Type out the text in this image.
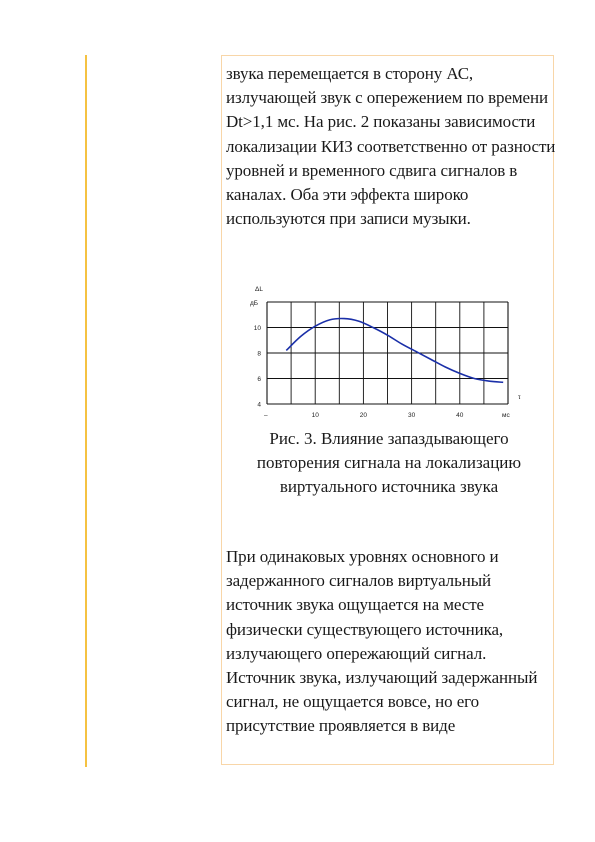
звука перемещается в сторону АС, излучающей звук с опережением по времени Dt>1,1 мс. На рис. 2 показаны зависимости локализации КИЗ соответственно от разности уровней и временного сдвига сигналов в каналах. Оба эти эффекта широко используются при записи музыки.

10	20	30	40
4
6
8
10
ΔL
дБ
τ
мс
–

Рис. 3. Влияние запаздывающего повторения сигнала на локализацию виртуального источника звука

При одинаковых уровнях основного и задержанного сигналов виртуальный источник звука ощущается на месте физически существующего источника, излучающего опережающий сигнал. Источник звука, излучающий задержанный сигнал, не ощущается вовсе, но его присутствие проявляется в виде
